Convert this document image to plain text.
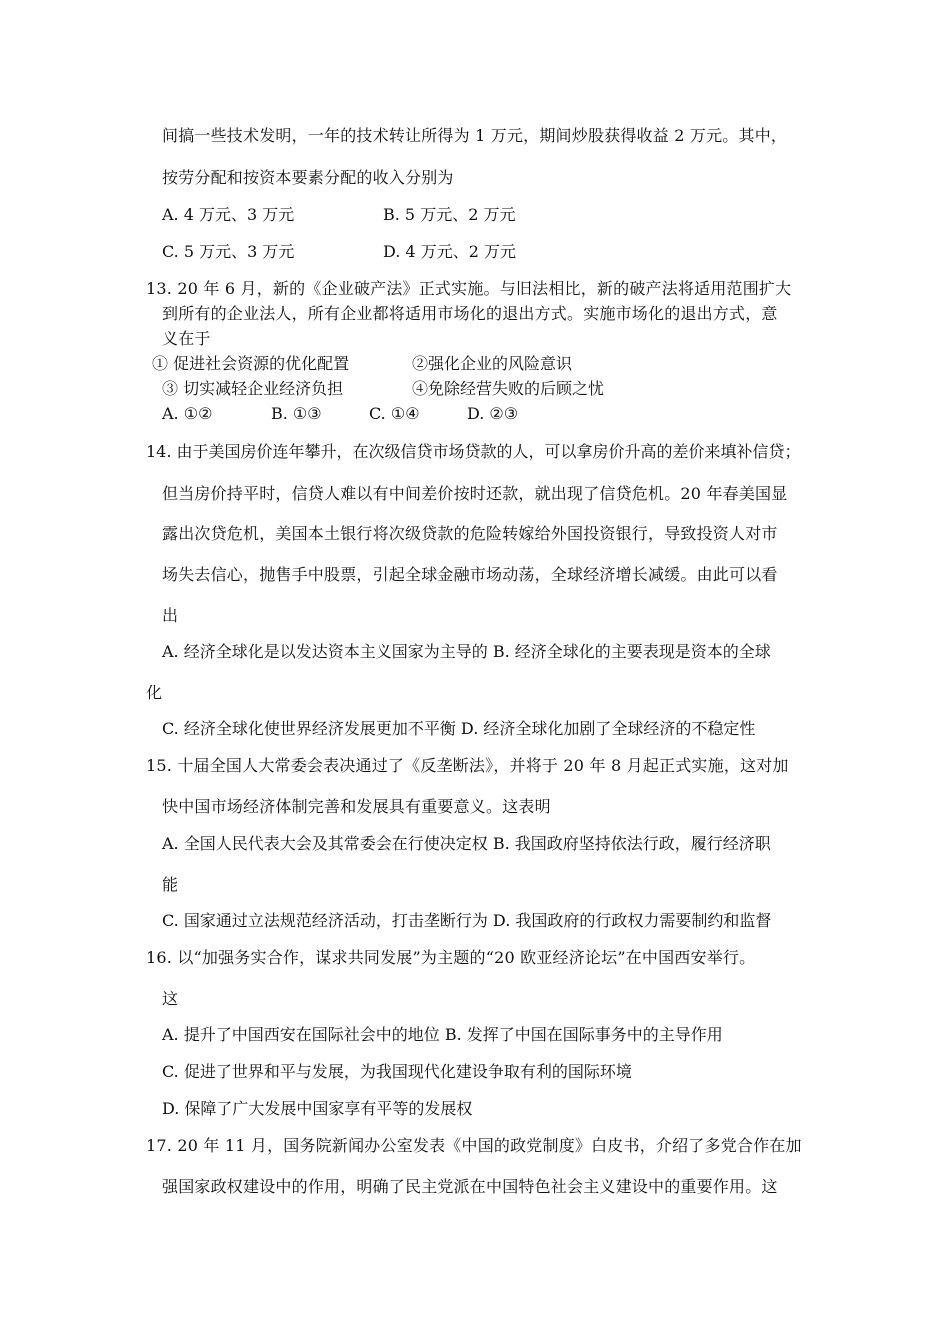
间搞一些技术发明，一年的技术转让所得为 1 万元，期间炒股获得收益 2 万元。其中，

按劳分配和按资本要素分配的收入分别为

A. 4 万元、3 万元	B. 5 万元、2 万元

C. 5 万元、3 万元	D. 4 万元、2 万元

13. 20 年 6 月，新的《企业破产法》正式实施。与旧法相比，新的破产法将适用范围扩大

到所有的企业法人，所有企业都将适用市场化的退出方式。实施市场化的退出方式，意

义在于

① 促进社会资源的优化配置	②强化企业的风险意识

③ 切实减轻企业经济负担	④免除经营失败的后顾之忧

A. ①②	B. ①③	C. ①④	D. ②③

14. 由于美国房价连年攀升，在次级信贷市场贷款的人，可以拿房价升高的差价来填补信贷；

但当房价持平时，信贷人难以有中间差价按时还款，就出现了信贷危机。20 年春美国显

露出次贷危机，美国本土银行将次级贷款的危险转嫁给外国投资银行，导致投资人对市

场失去信心，抛售手中股票，引起全球金融市场动荡，全球经济增长减缓。由此可以看

出

A. 经济全球化是以发达资本主义国家为主导的 B. 经济全球化的主要表现是资本的全球

化

C. 经济全球化使世界经济发展更加不平衡 D. 经济全球化加剧了全球经济的不稳定性

15. 十届全国人大常委会表决通过了《反垄断法》，并将于 20 年 8 月起正式实施，这对加

快中国市场经济体制完善和发展具有重要意义。这表明

A. 全国人民代表大会及其常委会在行使决定权 B. 我国政府坚持依法行政，履行经济职

能

C. 国家通过立法规范经济活动，打击垄断行为 D. 我国政府的行政权力需要制约和监督

16. 以“加强务实合作，谋求共同发展”为主题的“20 欧亚经济论坛”在中国西安举行。

这

A. 提升了中国西安在国际社会中的地位 B. 发挥了中国在国际事务中的主导作用

C. 促进了世界和平与发展，为我国现代化建设争取有利的国际环境

D. 保障了广大发展中国家享有平等的发展权

17. 20 年 11 月，国务院新闻办公室发表《中国的政党制度》白皮书，介绍了多党合作在加

强国家政权建设中的作用，明确了民主党派在中国特色社会主义建设中的重要作用。这
